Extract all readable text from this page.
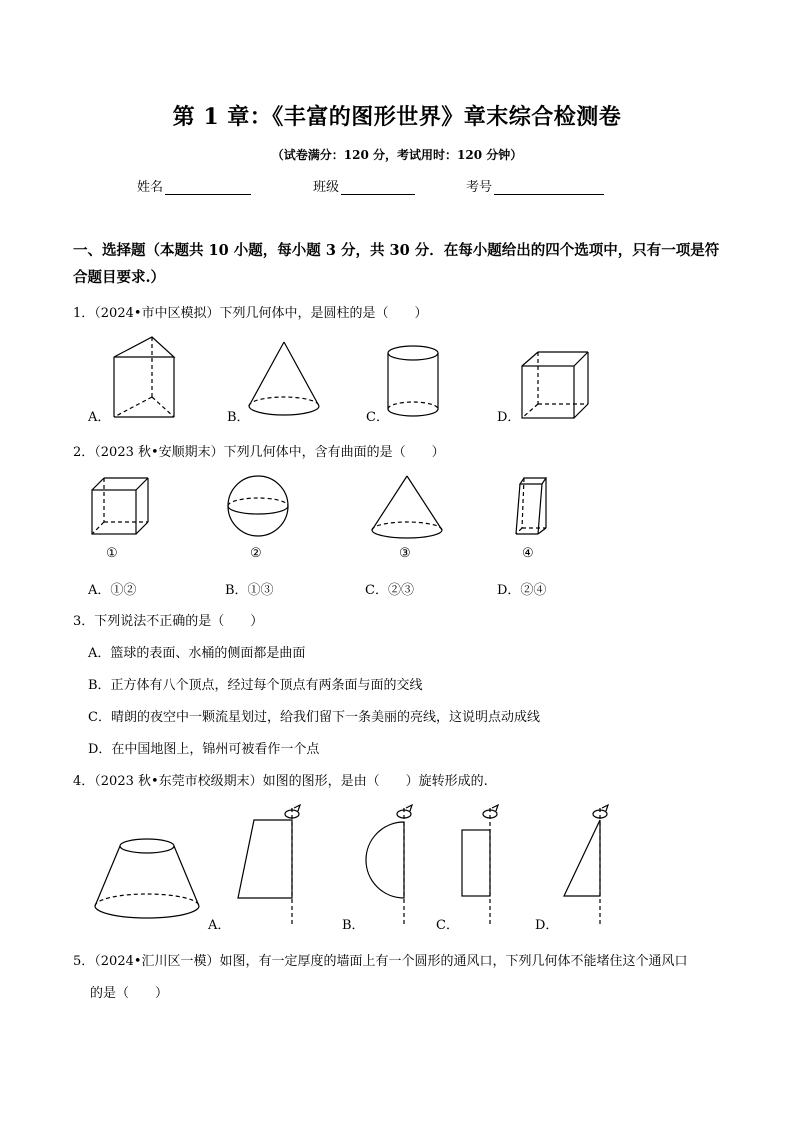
第 1 章：《丰富的图形世界》章末综合检测卷
（试卷满分：120 分，考试用时：120 分钟）
姓名	班级	考号
一、选择题（本题共 10 小题，每小题 3 分，共 30 分．在每小题给出的四个选项中，只有一项是符合题目要求.）
1．（2024•市中区模拟）下列几何体中，是圆柱的是（　　）
A．	B．	C．	D．
2．（2023 秋•安顺期末）下列几何体中，含有曲面的是（　　）
①	②	③	④
A．①②	B．①③	C．②③	D．②④
3．下列说法不正确的是（　　）
A．篮球的表面、水桶的侧面都是曲面
B．正方体有八个顶点，经过每个顶点有两条面与面的交线
C．晴朗的夜空中一颗流星划过，给我们留下一条美丽的亮线，这说明点动成线
D．在中国地图上，锦州可被看作一个点
4．（2023 秋•东莞市校级期末）如图的图形，是由（　　）旋转形成的.
A．	B．	C．	D．
5．（2024•汇川区一模）如图，有一定厚度的墙面上有一个圆形的通风口，下列几何体不能堵住这个通风口
的是（　　）
